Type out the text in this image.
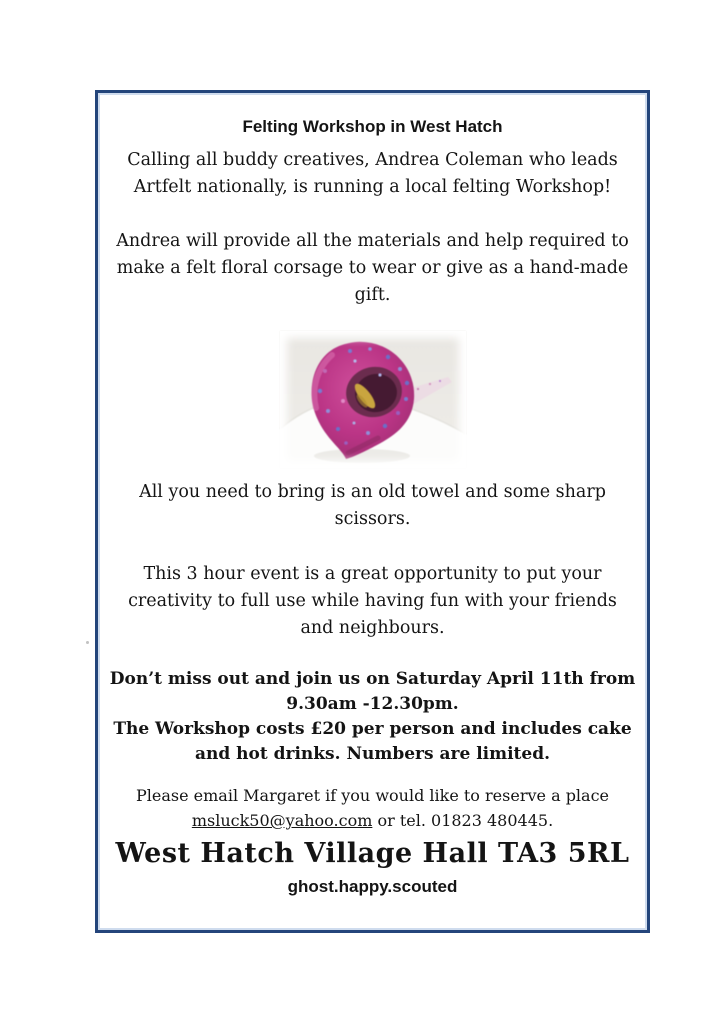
Felting Workshop in West Hatch
Calling all buddy creatives, Andrea Coleman who leads
Artfelt nationally, is running a local felting Workshop!
Andrea will provide all the materials and help required to
make a felt floral corsage to wear or give as a hand-made
gift.
All you need to bring is an old towel and some sharp
scissors.
This 3 hour event is a great opportunity to put your
creativity to full use while having fun with your friends
and neighbours.
Don’t miss out and join us on Saturday April 11th from
9.30am -12.30pm.
The Workshop costs £20 per person and includes cake
and hot drinks. Numbers are limited.
Please email Margaret if you would like to reserve a place
msluck50@yahoo.com or tel. 01823 480445.
West Hatch Village Hall TA3 5RL
ghost.happy.scouted
